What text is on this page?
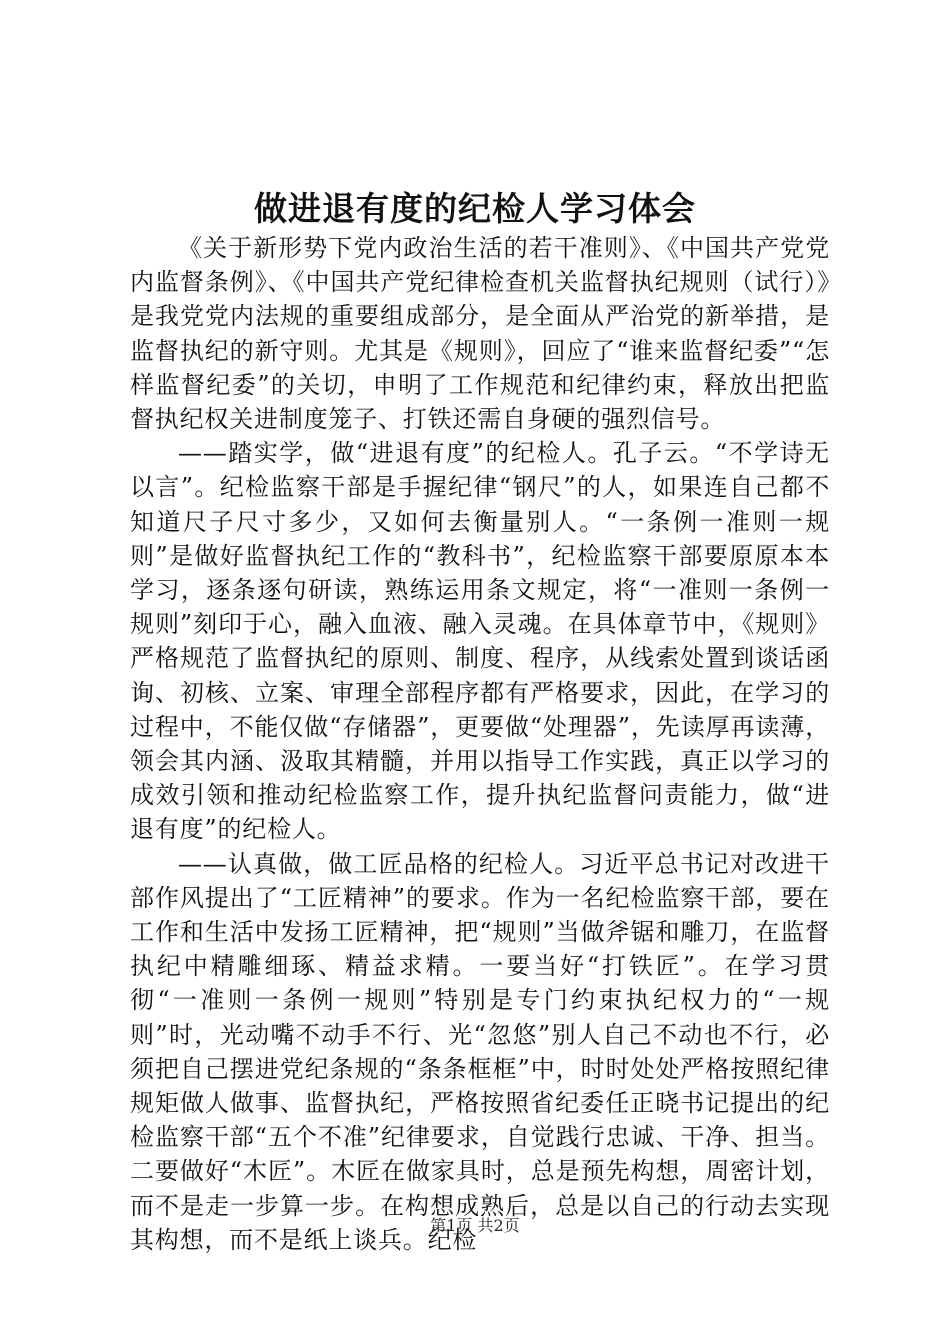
做进退有度的纪检人学习体会

《关于新形势下党内政治生活的若干准则》、《中国共产党党内监督条例》、《中国共产党纪律检查机关监督执纪规则（试行）》是我党党内法规的重要组成部分，是全面从严治党的新举措，是监督执纪的新守则。尤其是《规则》，回应了“谁来监督纪委”“怎样监督纪委”的关切，申明了工作规范和纪律约束，释放出把监督执纪权关进制度笼子、打铁还需自身硬的强烈信号。

——踏实学，做“进退有度”的纪检人。孔子云。“不学诗无以言”。纪检监察干部是手握纪律“钢尺”的人，如果连自己都不知道尺子尺寸多少，又如何去衡量别人。“一条例一准则一规则”是做好监督执纪工作的“教科书”，纪检监察干部要原原本本学习，逐条逐句研读，熟练运用条文规定，将“一准则一条例一规则”刻印于心，融入血液、融入灵魂。在具体章节中，《规则》严格规范了监督执纪的原则、制度、程序，从线索处置到谈话函询、初核、立案、审理全部程序都有严格要求，因此，在学习的过程中，不能仅做“存储器”，更要做“处理器”，先读厚再读薄，领会其内涵、汲取其精髓，并用以指导工作实践，真正以学习的成效引领和推动纪检监察工作，提升执纪监督问责能力，做“进退有度”的纪检人。

——认真做，做工匠品格的纪检人。习近平总书记对改进干部作风提出了“工匠精神”的要求。作为一名纪检监察干部，要在工作和生活中发扬工匠精神，把“规则”当做斧锯和雕刀，在监督执纪中精雕细琢、精益求精。一要当好“打铁匠”。在学习贯彻“一准则一条例一规则”特别是专门约束执纪权力的“一规则”时，光动嘴不动手不行、光“忽悠”别人自己不动也不行，必须把自己摆进党纪条规的“条条框框”中，时时处处严格按照纪律规矩做人做事、监督执纪，严格按照省纪委任正晓书记提出的纪检监察干部“五个不准”纪律要求，自觉践行忠诚、干净、担当。二要做好“木匠”。木匠在做家具时，总是预先构想，周密计划，而不是走一步算一步。在构想成熟后，总是以自己的行动去实现其构想，而不是纸上谈兵。纪检

第1页 共2页
